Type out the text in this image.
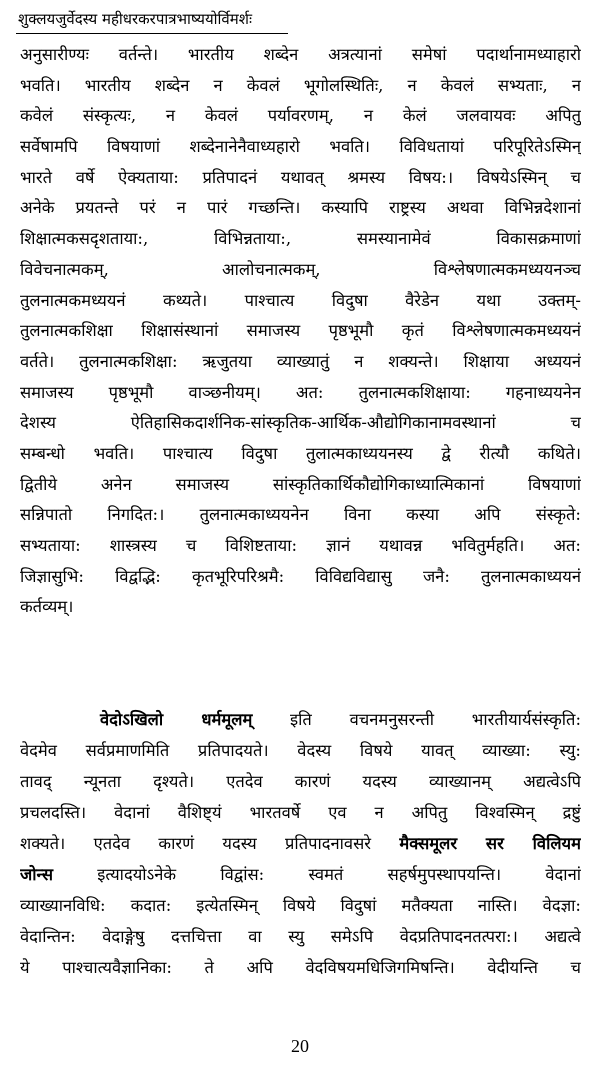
शुक्लयजुर्वेदस्य महीधरकरपात्रभाष्ययोर्विमर्शः
अनुसारीण्यः वर्तन्ते। भारतीय शब्देन अत्रत्यानां समेषां पदार्थानामध्याहारो
भवति। भारतीय शब्देन न केवलं भूगोलस्थितिः, न केवलं सभ्यताः, न
कवेलं संस्कृत्यः, न केवलं पर्यावरणम्, न केलं जलवायवः अपितु
सर्वेषामपि विषयाणां शब्देनानेनैवाध्यहारो भवति। विविधतायां परिपूरितेऽस्मिन्
भारते वर्षे ऐक्यताया: प्रतिपादनं यथावत् श्रमस्य विषय:। विषयेऽस्मिन् च
अनेके प्रयतन्ते परं न पारं गच्छन्ति। कस्यापि राष्ट्रस्य अथवा विभिन्नदेशानां
शिक्षात्मकसदृशताया:, विभिन्नताया:, समस्यानामेवं विकासक्रमाणां
विवेचनात्मकम्, आलोचनात्मकम्, विश्लेषणात्मकमध्ययनञ्च
तुलनात्मकमध्ययनं कथ्यते। पाश्चात्य विदुषा वैरेडेन यथा उक्तम्-
तुलनात्मकशिक्षा शिक्षासंस्थानां समाजस्य पृष्ठभूमौ कृतं विश्लेषणात्मकमध्ययनं
वर्तते। तुलनात्मकशिक्षा: ऋजुतया व्याख्यातुं न शक्यन्ते। शिक्षाया अध्ययनं
समाजस्य पृष्ठभूमौ वाञ्छनीयम्। अत: तुलनात्मकशिक्षाया: गहनाध्ययनेन
देशस्य ऐतिहासिकदार्शनिक-सांस्कृतिक-आर्थिक-औद्योगिकानामवस्थानां च
सम्बन्धो भवति। पाश्चात्य विदुषा तुलात्मकाध्ययनस्य द्वे रीत्यौ कथिते।
द्वितीये अनेन समाजस्य सांस्कृतिकार्थिकौद्योगिकाध्यात्मिकानां विषयाणां
सन्निपातो निगदित:। तुलनात्मकाध्ययनेन विना कस्या अपि संस्कृते:
सभ्यताया: शास्त्रस्य च विशिष्टताया: ज्ञानं यथावन्न भवितुर्महति। अत:
जिज्ञासुभि: विद्वद्भि: कृतभूरिपरिश्रमै: विविद्यविद्यासु जनै: तुलनात्मकाध्ययनं
कर्तव्यम्।
वेदोऽखिलो धर्ममूलम् इति वचनमनुसरन्ती भारतीयार्यसंस्कृति:
वेदमेव सर्वप्रमाणमिति प्रतिपादयते। वेदस्य विषये यावत् व्याख्या: स्यु:
तावद् न्यूनता दृश्यते। एतदेव कारणं यदस्य व्याख्यानम् अद्यत्वेऽपि
प्रचलदस्ति। वेदानां वैशिष्ट्यं भारतवर्षे एव न अपितु विश्वस्मिन् द्रष्टुं
शक्यते। एतदेव कारणं यदस्य प्रतिपादनावसरे मैक्समूलर सर विलियम
जोन्स इत्यादयोऽनेके विद्वांस: स्वमतं सहर्षमुपस्थापयन्ति। वेदानां
व्याख्यानविधि: कदात: इत्येतस्मिन् विषये विदुषां मतैक्यता नास्ति। वेदज्ञा:
वेदान्तिन: वेदाङ्गेषु दत्तचित्ता वा स्यु समेऽपि वेदप्रतिपादनतत्परा:। अद्यत्वे
ये पाश्चात्यवैज्ञानिका: ते अपि वेदविषयमधिजिगमिषन्ति। वेदीयन्ति च
20
